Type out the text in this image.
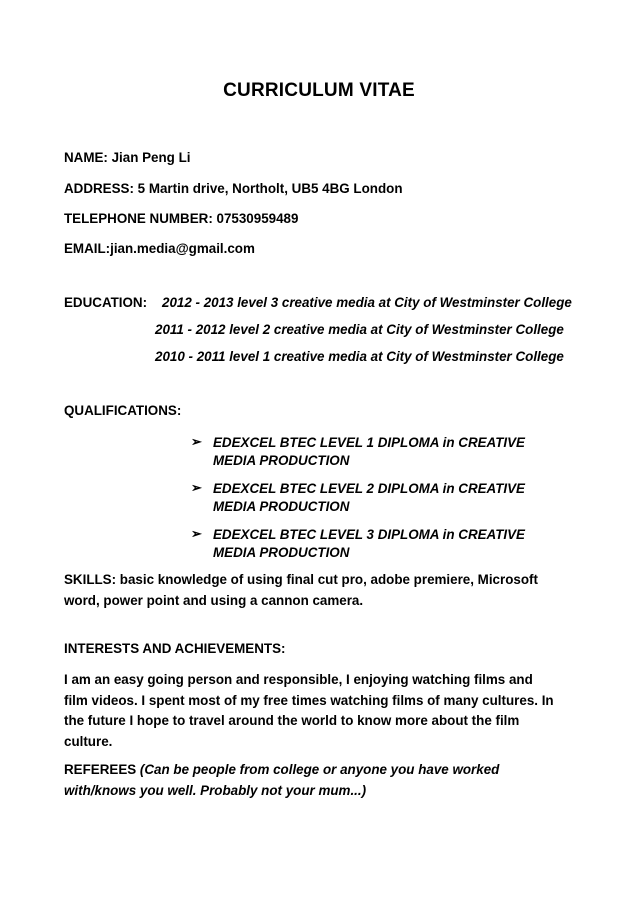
CURRICULUM VITAE
NAME: Jian Peng Li
ADDRESS: 5 Martin drive, Northolt, UB5 4BG London
TELEPHONE NUMBER: 07530959489
EMAIL:jian.media@gmail.com
EDUCATION: 2012 - 2013 level 3 creative media at City of Westminster College
2011 - 2012 level 2 creative media at City of Westminster College
2010 - 2011 level 1 creative media at City of Westminster College
QUALIFICATIONS:
➢ EDEXCEL BTEC LEVEL 1 DIPLOMA in CREATIVE MEDIA PRODUCTION
➢ EDEXCEL BTEC LEVEL 2 DIPLOMA in CREATIVE MEDIA PRODUCTION
➢ EDEXCEL BTEC LEVEL 3 DIPLOMA in CREATIVE MEDIA PRODUCTION
SKILLS: basic knowledge of using final cut pro, adobe premiere, Microsoft word, power point and using a cannon camera.
INTERESTS AND ACHIEVEMENTS:
I am an easy going person and responsible, I enjoying watching films and film videos. I spent most of my free times watching films of many cultures. In the future I hope to travel around the world to know more about the film culture.
REFEREES (Can be people from college or anyone you have worked with/knows you well. Probably not your mum...)
